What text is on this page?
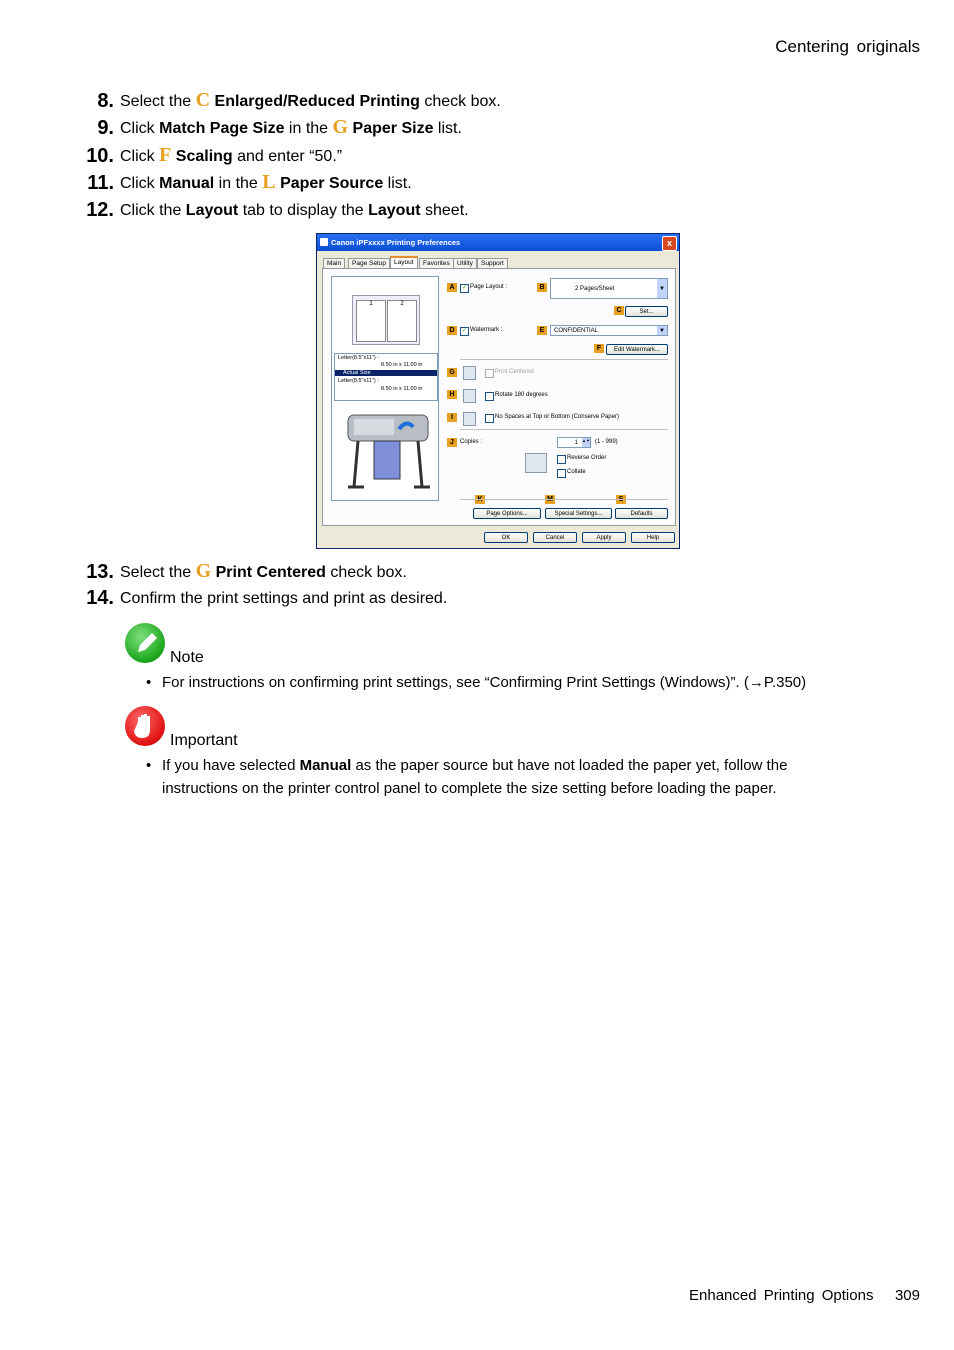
Centering originals
8. Select the C Enlarged/Reduced Printing check box.
9. Click Match Page Size in the G Paper Size list.
10. Click F Scaling and enter “50.”
11. Click Manual in the L Paper Source list.
12. Click the Layout tab to display the Layout sheet.
Canon iPFxxxx Printing Preferences	x
Main	Page Setup	Layout	Favorites	Utility	Support
1	2
Letter(8.5"x11") :
8.50 in x 11.00 in
Actual Size
Letter(8.5"x11") :
8.50 in x 11.00 in
A	B
C
D	E
F
G
H
I
J
✓ Page Layout :	2 Pages/Sheet	▼
Set...
✓ Watermark :	CONFIDENTIAL	▼
Edit Watermark...
Print Centered
Rotate 180 degrees
No Spaces at Top or Bottom (Conserve Paper)
Copies :	1 ▲▼ (1 - 999)
Reverse Order
Collate
Page Options...	Special Settings...	Defaults
OK	Cancel	Apply	Help
13. Select the G Print Centered check box.
14. Confirm the print settings and print as desired.
Note
• For instructions on confirming print settings, see “Confirming Print Settings (Windows)”. (→P.350)
Important
• If you have selected Manual as the paper source but have not loaded the paper yet, follow the
instructions on the printer control panel to complete the size setting before loading the paper.
Enhanced Printing Options 309
